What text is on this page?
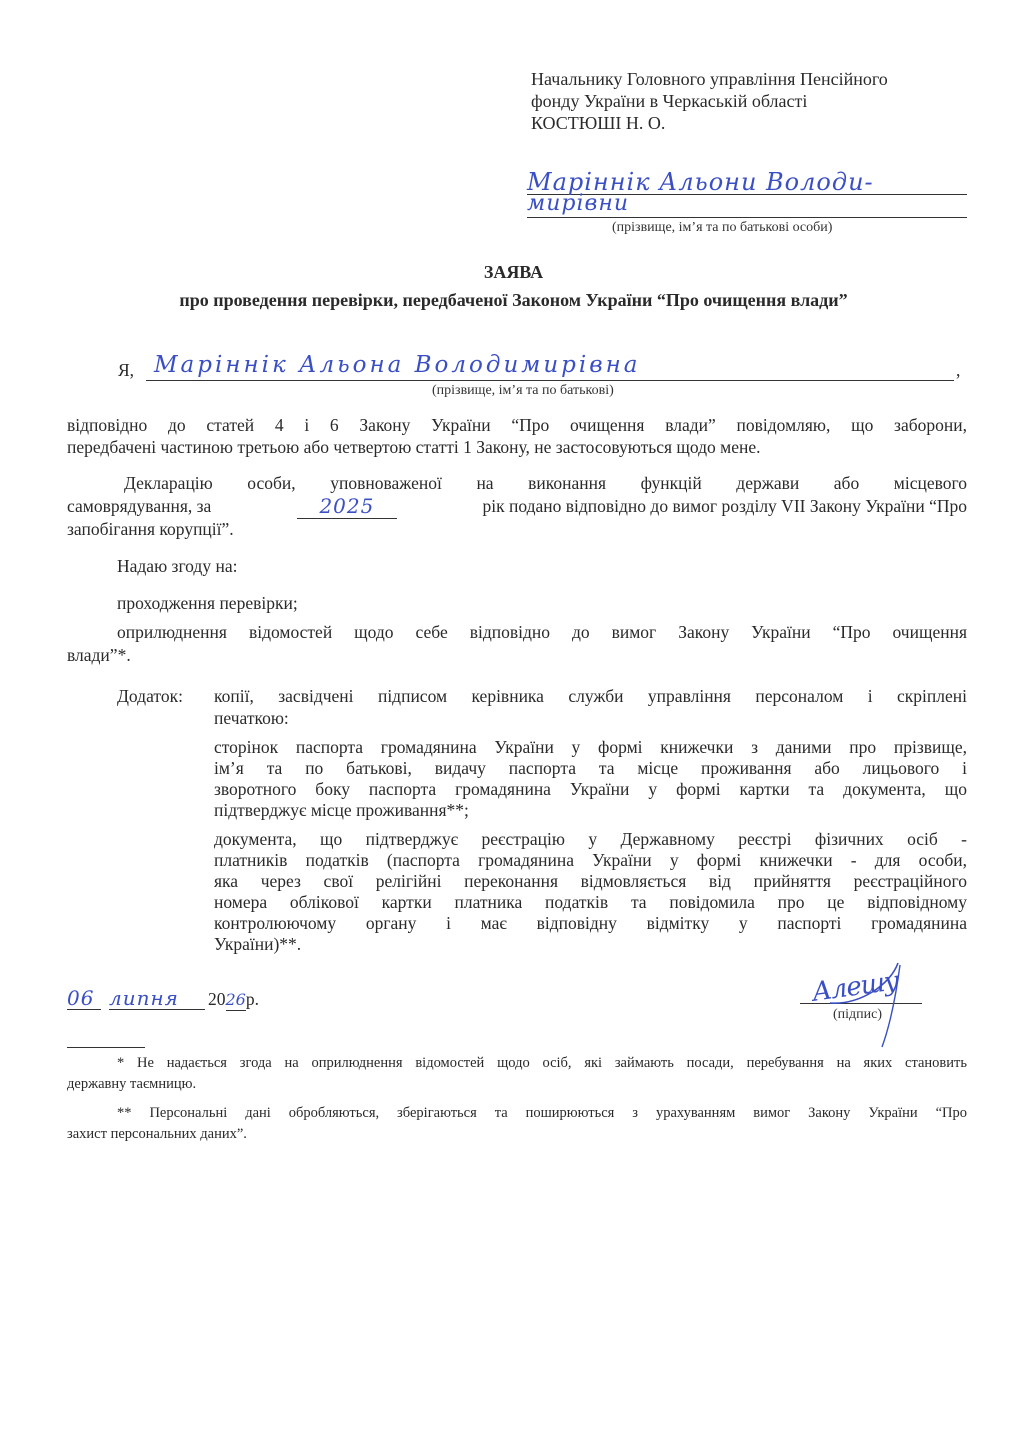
Начальнику Головного управління Пенсійного
фонду України в Черкаській області
КОСТЮШІ Н. О.
Маріннік Альони Володи-
мирівни
(прізвище, ім’я та по батькові особи)
ЗАЯВА
про проведення перевірки, передбаченої Законом України “Про очищення влади”
Я, Маріннік Альона Володимирівна	,
(прізвище, ім’я та по батькові)
відповідно до статей 4 і 6 Закону України “Про очищення влади” повідомляю, що заборони,
передбачені частиною третьою або четвертою статті 1 Закону, не застосовуються щодо мене.
Декларацію особи, уповноваженої на виконання функцій держави або місцевого
самоврядування, за	2025	рік подано відповідно до вимог розділу VII Закону України “Про
запобігання корупції”.
Надаю згоду на:
проходження перевірки;
оприлюднення відомостей щодо себе відповідно до вимог Закону України “Про очищення
влади”*.
Додаток: копії, засвідчені підписом керівника служби управління персоналом і скріплені
печаткою:
сторінок паспорта громадянина України у формі книжечки з даними про прізвище,
ім’я та по батькові, видачу паспорта та місце проживання або лицьового і
зворотного боку паспорта громадянина України у формі картки та документа, що
підтверджує місце проживання**;
документа, що підтверджує реєстрацію у Державному реєстрі фізичних осіб -
платників податків (паспорта громадянина України у формі книжечки - для особи,
яка через свої релігійні переконання відмовляється від прийняття реєстраційного
номера облікової картки платника податків та повідомила про це відповідному
контролюючому органу і має відповідну відмітку у паспорті громадянина
України)**.
06 липня	20 26 р.	Алешу
(підпис)
* Не надається згода на оприлюднення відомостей щодо осіб, які займають посади, перебування на яких становить
державну таємницю.
** Персональні дані обробляються, зберігаються та поширюються з урахуванням вимог Закону України “Про
захист персональних даних”.
